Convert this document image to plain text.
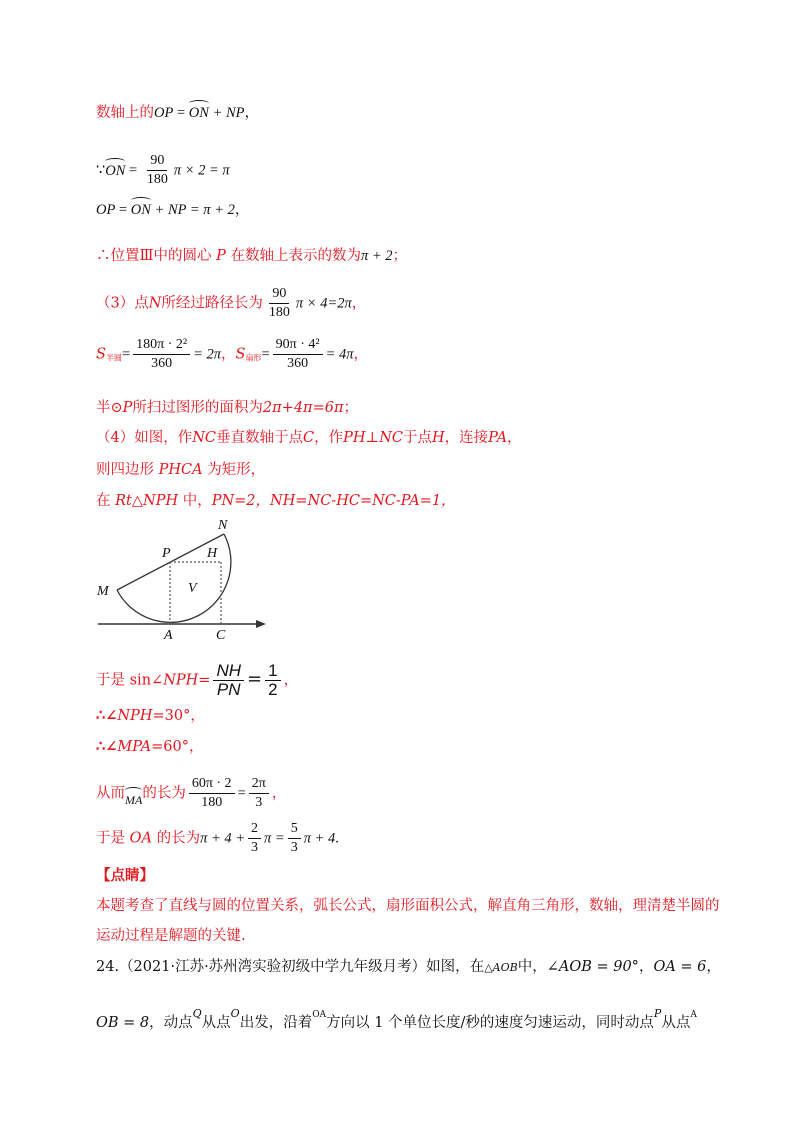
数轴上的OP = ON + NP，
∵ON = $\frac{90}{180}$ π × 2 = π
OP = ON + NP = π + 2，
∴位置Ⅲ中的圆心 P 在数轴上表示的数为π + 2；
（3）点N所经过路径长为 $\frac{90}{180}$ π × 4=2π，
$S_{半圆}= \frac{\text{180π · 2²}}{360} = 2\pi$，$S_{扇形}= \frac{\text{90π · 4²}}{360} = 4\pi$，
半⊙P所扫过图形的面积为2π+4π=6π；
（4）如图，作NC垂直数轴于点C，作PH⊥NC于点H，连接PA，
则四边形 PHCA 为矩形，
在 Rt△NPH 中，PN=2，NH=NC-HC=NC-PA=1，
N
P	H
M	V
A	C
于是 sin∠NPH= $\frac{NH}{PN} = \frac{1}{2}$ ，
∴∠NPH=30°，
∴∠MPA=60°，
从而MA的长为 $\frac{60\pi \cdot 2}{180} = \frac{2\pi}{3}$ ，
于是 OA 的长为$\pi + 4 + \frac{2}{3}$ $\pi = \frac{5}{3}$ π + 4.
【点睛】
本题考查了直线与圆的位置关系，弧长公式，扇形面积公式，解直角三角形，数轴，理清楚半圆的
运动过程是解题的关键.
24.（2021·江苏·苏州湾实验初级中学九年级月考）如图，在△AOB中，∠AOB = 90°，OA = 6，
OB = 8，动点$^Q$从点$^O$出发，沿着$^{OA}$方向以 1 个单位长度/秒的速度匀速运动，同时动点$^P$从点$^A$
